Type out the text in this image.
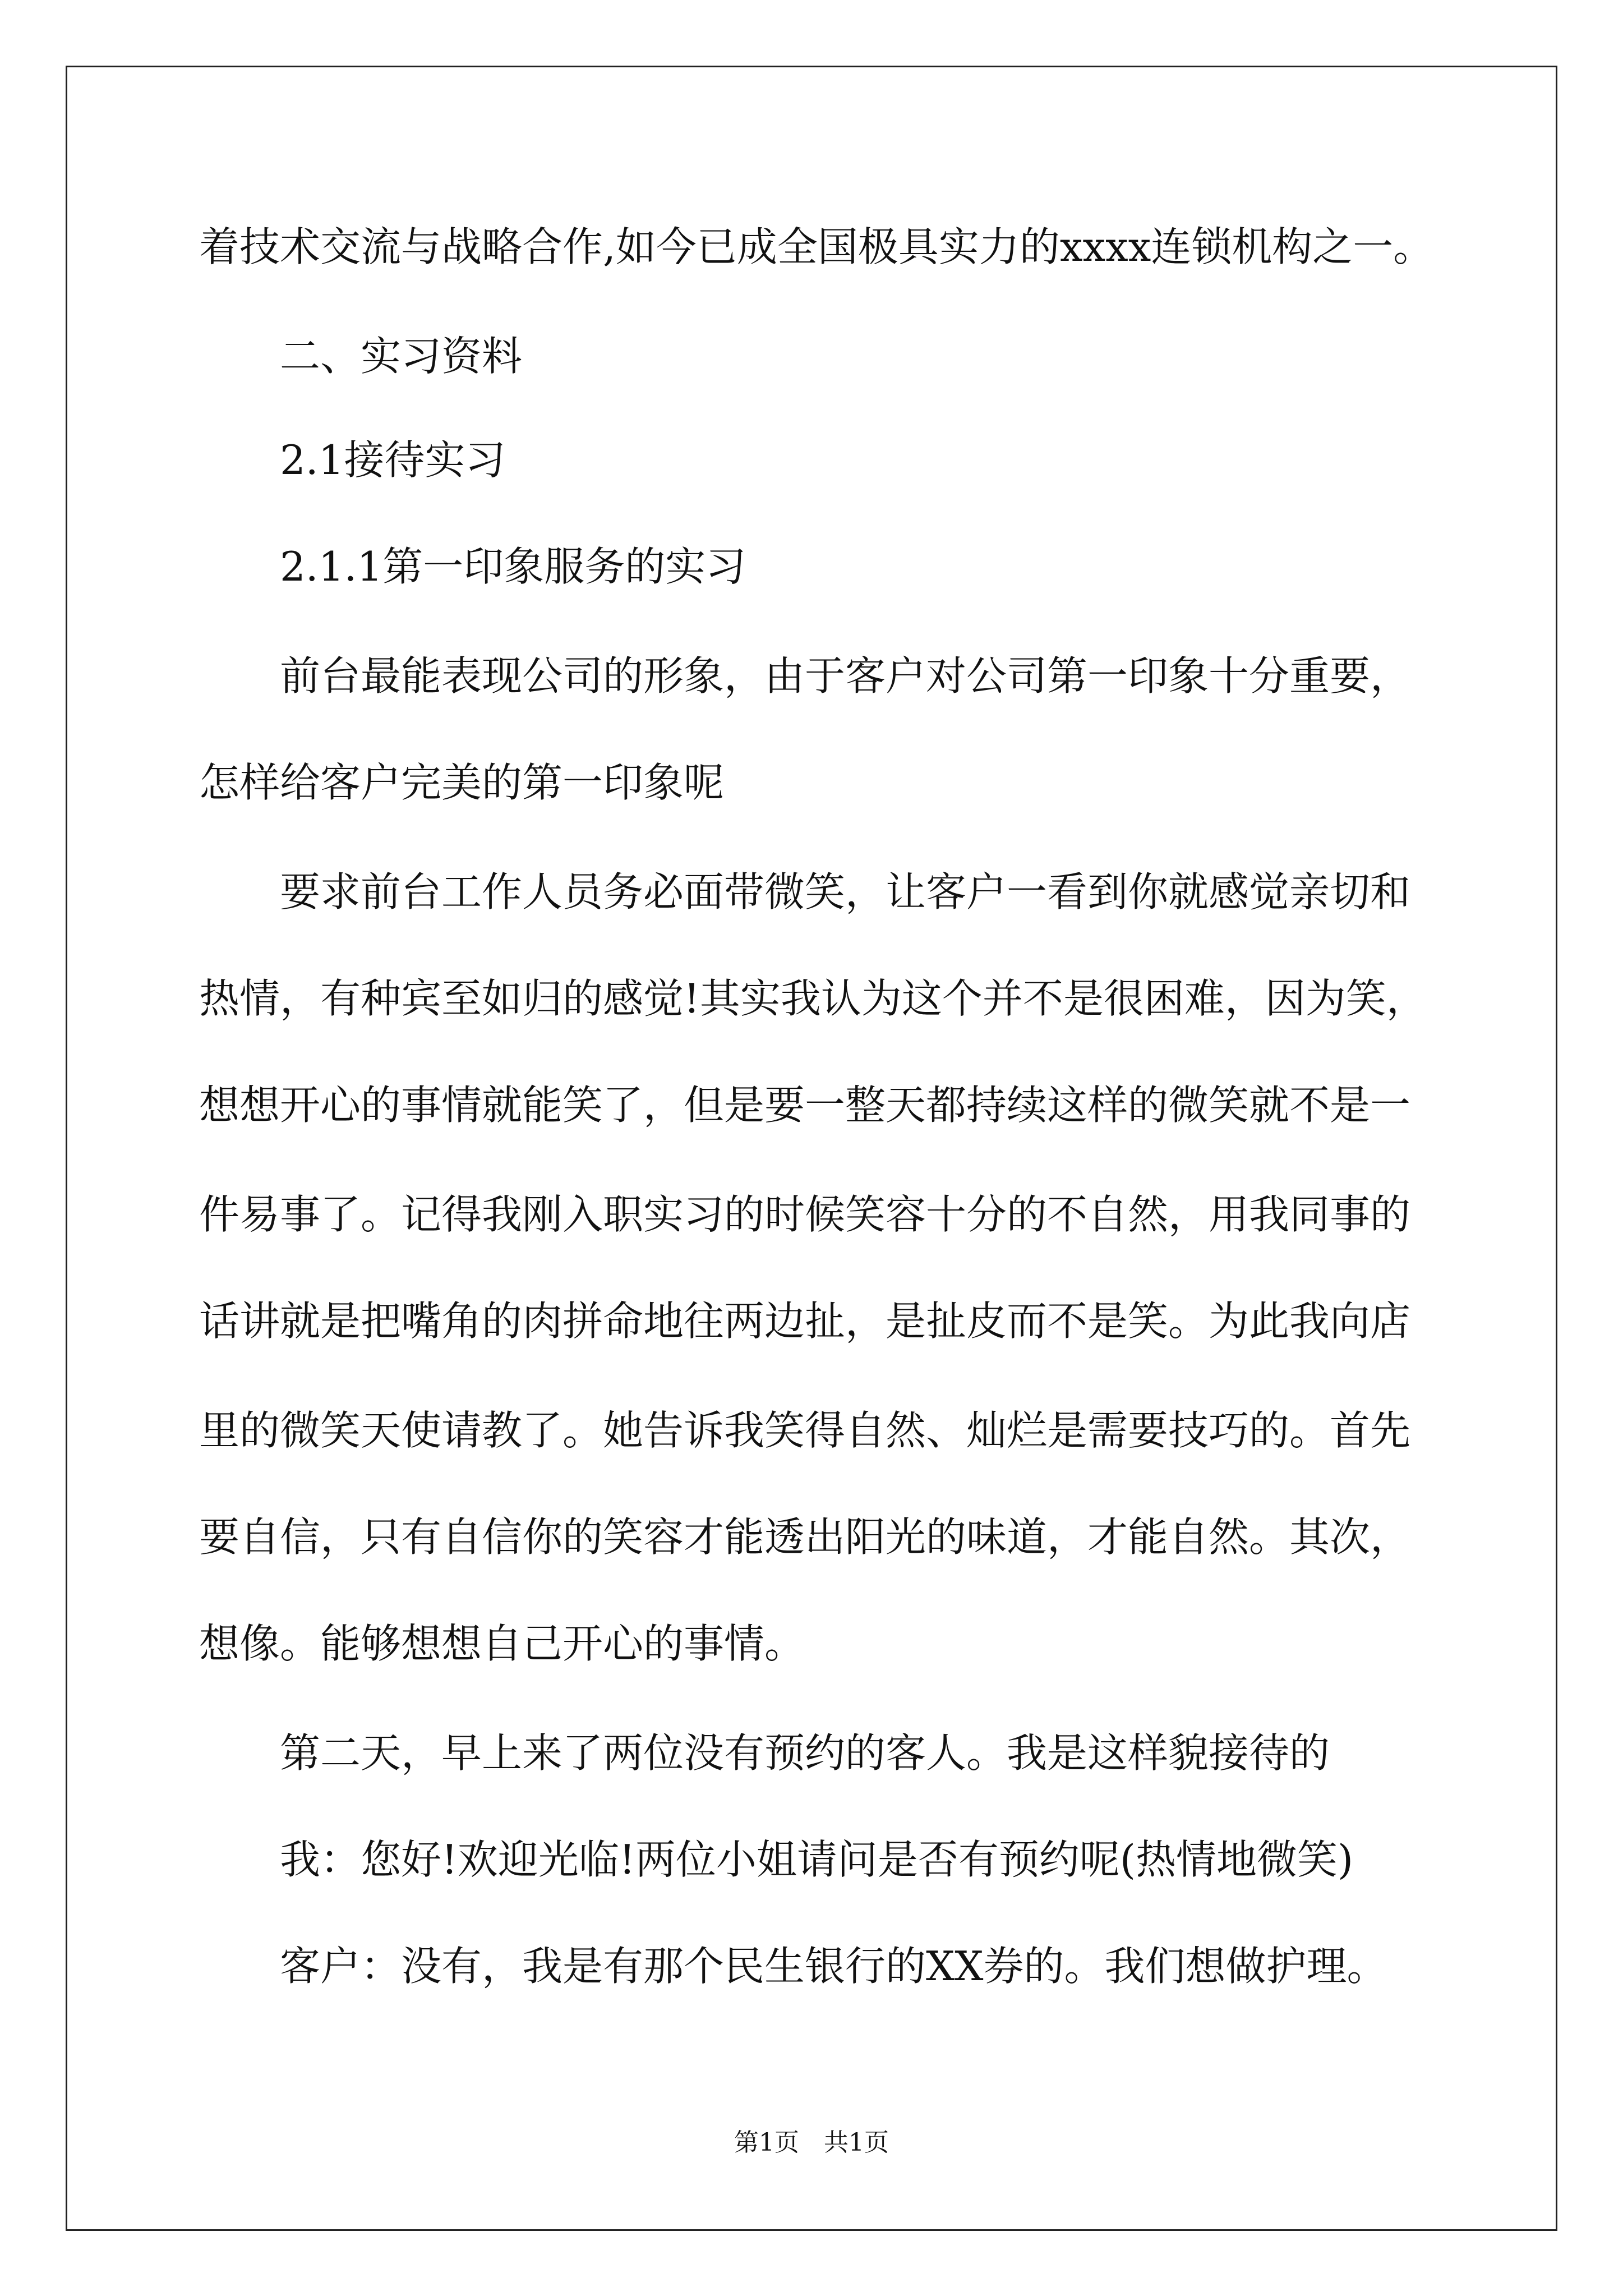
着技术交流与战略合作,如今已成全国极具实力的xxxx连锁机构之一。
二、实习资料
2.1接待实习
2.1.1第一印象服务的实习
前台最能表现公司的形象，由于客户对公司第一印象十分重要，
怎样给客户完美的第一印象呢
要求前台工作人员务必面带微笑，让客户一看到你就感觉亲切和
热情，有种宾至如归的感觉!其实我认为这个并不是很困难，因为笑，
想想开心的事情就能笑了，但是要一整天都持续这样的微笑就不是一
件易事了。记得我刚入职实习的时候笑容十分的不自然，用我同事的
话讲就是把嘴角的肉拼命地往两边扯，是扯皮而不是笑。为此我向店
里的微笑天使请教了。她告诉我笑得自然、灿烂是需要技巧的。首先
要自信，只有自信你的笑容才能透出阳光的味道，才能自然。其次，
想像。能够想想自己开心的事情。
第二天，早上来了两位没有预约的客人。我是这样貌接待的
我：您好!欢迎光临!两位小姐请问是否有预约呢(热情地微笑)
客户：没有，我是有那个民生银行的XX券的。我们想做护理。
第1页　共1页
